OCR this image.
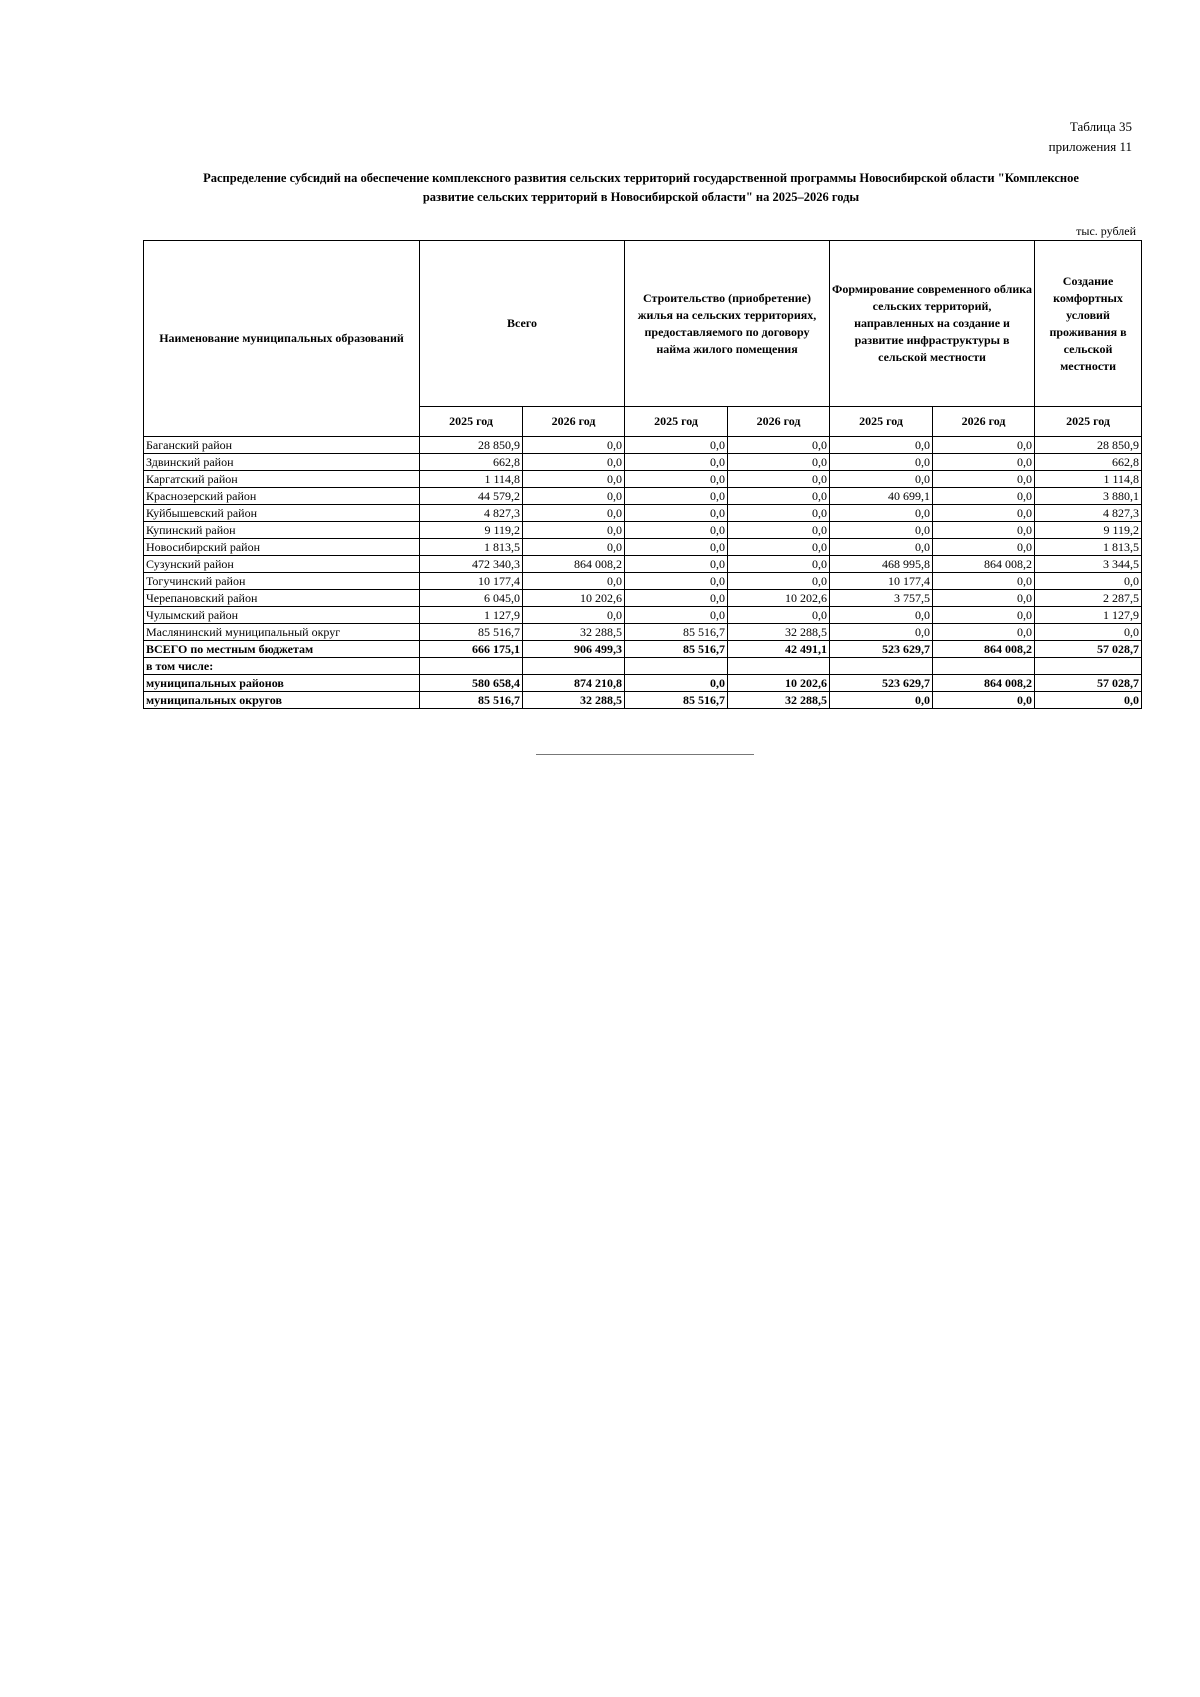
Таблица 35
приложения 11
Распределение субсидий на обеспечение комплексного развития сельских территорий государственной программы Новосибирской области "Комплексное
развитие сельских территорий в Новосибирской области" на 2025–2026 годы
тыс. рублей
Наименование муниципальных образований	Всего		Строительство (приобретение) жилья на сельских территориях, предоставляемого по договору найма жилого помещения		Формирование современного облика сельских территорий, направленных на создание и развитие инфраструктуры в сельской местности		Создание комфортных условий проживания в сельской местности
	2025 год	2026 год	2025 год	2026 год	2025 год	2026 год	2025 год
Баганский район	28 850,9	0,0	0,0	0,0	0,0	0,0	28 850,9
Здвинский район	662,8	0,0	0,0	0,0	0,0	0,0	662,8
Каргатский район	1 114,8	0,0	0,0	0,0	0,0	0,0	1 114,8
Краснозерский район	44 579,2	0,0	0,0	0,0	40 699,1	0,0	3 880,1
Куйбышевский район	4 827,3	0,0	0,0	0,0	0,0	0,0	4 827,3
Купинский район	9 119,2	0,0	0,0	0,0	0,0	0,0	9 119,2
Новосибирский район	1 813,5	0,0	0,0	0,0	0,0	0,0	1 813,5
Сузунский район	472 340,3	864 008,2	0,0	0,0	468 995,8	864 008,2	3 344,5
Тогучинский район	10 177,4	0,0	0,0	0,0	10 177,4	0,0	0,0
Черепановский район	6 045,0	10 202,6	0,0	10 202,6	3 757,5	0,0	2 287,5
Чулымский район	1 127,9	0,0	0,0	0,0	0,0	0,0	1 127,9
Маслянинский муниципальный округ	85 516,7	32 288,5	85 516,7	32 288,5	0,0	0,0	0,0
ВСЕГО по местным бюджетам	666 175,1	906 499,3	85 516,7	42 491,1	523 629,7	864 008,2	57 028,7
в том числе:							
муниципальных районов	580 658,4	874 210,8	0,0	10 202,6	523 629,7	864 008,2	57 028,7
муниципальных округов	85 516,7	32 288,5	85 516,7	32 288,5	0,0	0,0	0,0
